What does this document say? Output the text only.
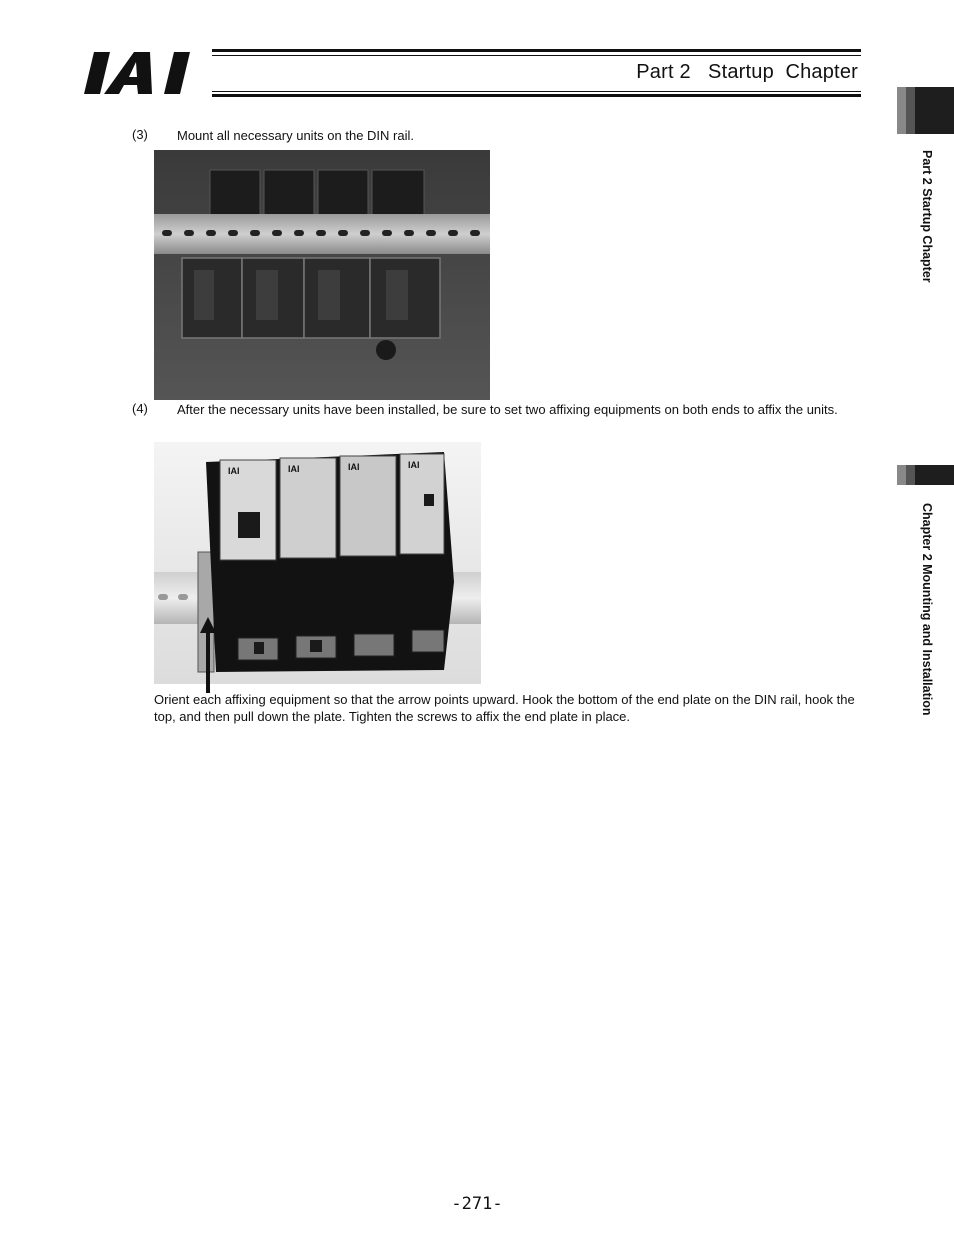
Part 2   Startup  Chapter
Part 2 Startup Chapter
Chapter 2 Mounting and Installation
(3) Mount all necessary units on the DIN rail.
(4) After the necessary units have been installed, be sure to set two affixing equipments on both ends to affix the units.
IAI	IAI	IAI	IAI
Orient each affixing equipment so that the arrow points upward. Hook the bottom of the end plate on the DIN rail, hook the top, and then pull down the plate. Tighten the screws to affix the end plate in place.
-271-
